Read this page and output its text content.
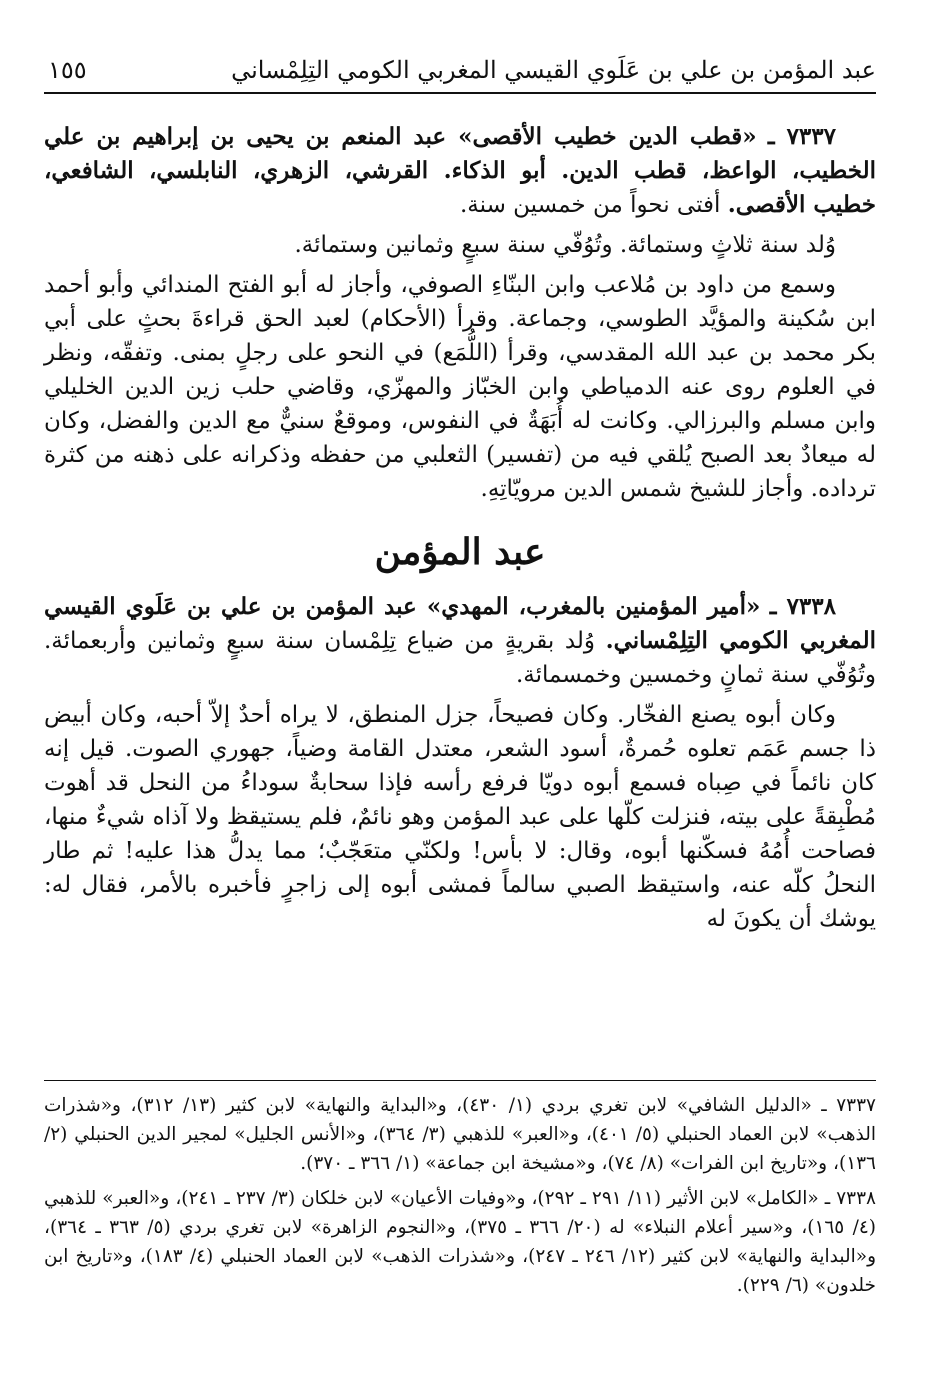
عبد المؤمن بن علي بن عَلَوي القيسي المغربي الكومي التِلِمْساني
١٥٥

٧٣٣٧ ـ «قطب الدين خطيب الأقصى» عبد المنعم بن يحيى بن إبراهيم بن علي الخطيب، الواعظ، قطب الدين. أبو الذكاء. القرشي، الزهري، النابلسي، الشافعي، خطيب الأقصى. أفتى نحواً من خمسين سنة.

وُلد سنة ثلاثٍ وستمائة. وتُوُفّي سنة سبعٍ وثمانين وستمائة.

وسمع من داود بن مُلاعب وابن البنّاءِ الصوفي، وأجاز له أبو الفتح المندائي وأبو أحمد ابن سُكينة والمؤيَّد الطوسي، وجماعة. وقرأ (الأحكام) لعبد الحق قراءةَ بحثٍ على أبي بكر محمد بن عبد الله المقدسي، وقرأ (اللُّمَع) في النحو على رجلٍ بمنى. وتفقّه، ونظر في العلوم روى عنه الدمياطي وابن الخبّاز والمهزّي، وقاضي حلب زين الدين الخليلي وابن مسلم والبرزالي. وكانت له أُبَهَةٌ في النفوس، وموقعٌ سنيٌّ مع الدين والفضل، وكان له ميعادٌ بعد الصبح يُلقي فيه من (تفسير) الثعلبي من حفظه وذكرانه على ذهنه من كثرة ترداده. وأجاز للشيخ شمس الدين مرويّاتِهِ.

عبد المؤمن

٧٣٣٨ ـ «أمير المؤمنين بالمغرب، المهدي» عبد المؤمن بن علي بن عَلَوي القيسي المغربي الكومي التِلِمْساني. وُلد بقريةٍ من ضياع تِلِمْسان سنة سبعٍ وثمانين وأربعمائة. وتُوُفّي سنة ثمانٍ وخمسين وخمسمائة.

وكان أبوه يصنع الفخّار. وكان فصيحاً، جزل المنطق، لا يراه أحدٌ إلاّ أحبه، وكان أبيض ذا جسم عَمَم تعلوه حُمرةٌ، أسود الشعر، معتدل القامة وضياً، جهوري الصوت. قيل إنه كان نائماً في صِباه فسمع أبوه دويّا فرفع رأسه فإذا سحابةٌ سوداءُ من النحل قد أهوت مُطْبِقةً على بيته، فنزلت كلّها على عبد المؤمن وهو نائمٌ، فلم يستيقظ ولا آذاه شيءٌ منها، فصاحت أُمُهُ فسكّنها أبوه، وقال: لا بأس! ولكنّي متعَجّبٌ؛ مما يدلُّ هذا عليه! ثم طار النحلُ كلّه عنه، واستيقظ الصبي سالماً فمشى أبوه إلى زاجرٍ فأخبره بالأمر، فقال له: يوشك أن يكونَ له

٧٣٣٧ ـ «الدليل الشافي» لابن تغري بردي (١/ ٤٣٠)، و«البداية والنهاية» لابن كثير (١٣/ ٣١٢)، و«شذرات الذهب» لابن العماد الحنبلي (٥/ ٤٠١)، و«العبر» للذهبي (٣/ ٣٦٤)، و«الأنس الجليل» لمجير الدين الحنبلي (٢/ ١٣٦)، و«تاريخ ابن الفرات» (٨/ ٧٤)، و«مشيخة ابن جماعة» (١/ ٣٦٦ ـ ٣٧٠).

٧٣٣٨ ـ «الكامل» لابن الأثير (١١/ ٢٩١ ـ ٢٩٢)، و«وفيات الأعيان» لابن خلكان (٣/ ٢٣٧ ـ ٢٤١)، و«العبر» للذهبي (٤/ ١٦٥)، و«سير أعلام النبلاء» له (٢٠/ ٣٦٦ ـ ٣٧٥)، و«النجوم الزاهرة» لابن تغري بردي (٥/ ٣٦٣ ـ ٣٦٤)، و«البداية والنهاية» لابن كثير (١٢/ ٢٤٦ ـ ٢٤٧)، و«شذرات الذهب» لابن العماد الحنبلي (٤/ ١٨٣)، و«تاريخ ابن خلدون» (٦/ ٢٢٩).
